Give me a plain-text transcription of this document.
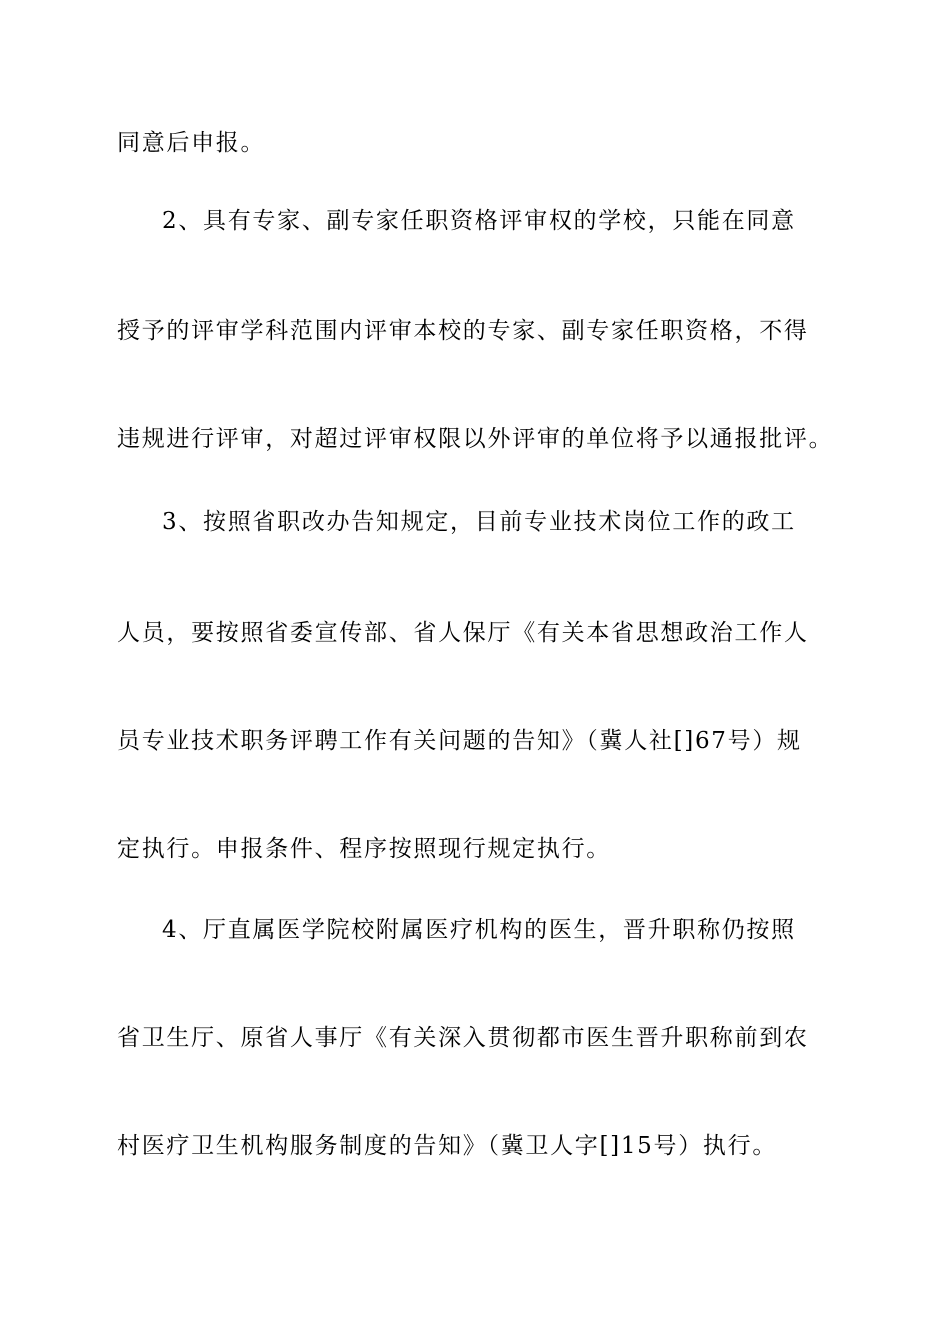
同意后申报。
2、具有专家、副专家任职资格评审权的学校，只能在同意
授予的评审学科范围内评审本校的专家、副专家任职资格，不得
违规进行评审，对超过评审权限以外评审的单位将予以通报批评。
3、按照省职改办告知规定，目前专业技术岗位工作的政工
人员，要按照省委宣传部、省人保厅《有关本省思想政治工作人
员专业技术职务评聘工作有关问题的告知》（冀人社[]67号）规
定执行。申报条件、程序按照现行规定执行。
4、厅直属医学院校附属医疗机构的医生，晋升职称仍按照
省卫生厅、原省人事厅《有关深入贯彻都市医生晋升职称前到农
村医疗卫生机构服务制度的告知》（冀卫人字[]15号）执行。
